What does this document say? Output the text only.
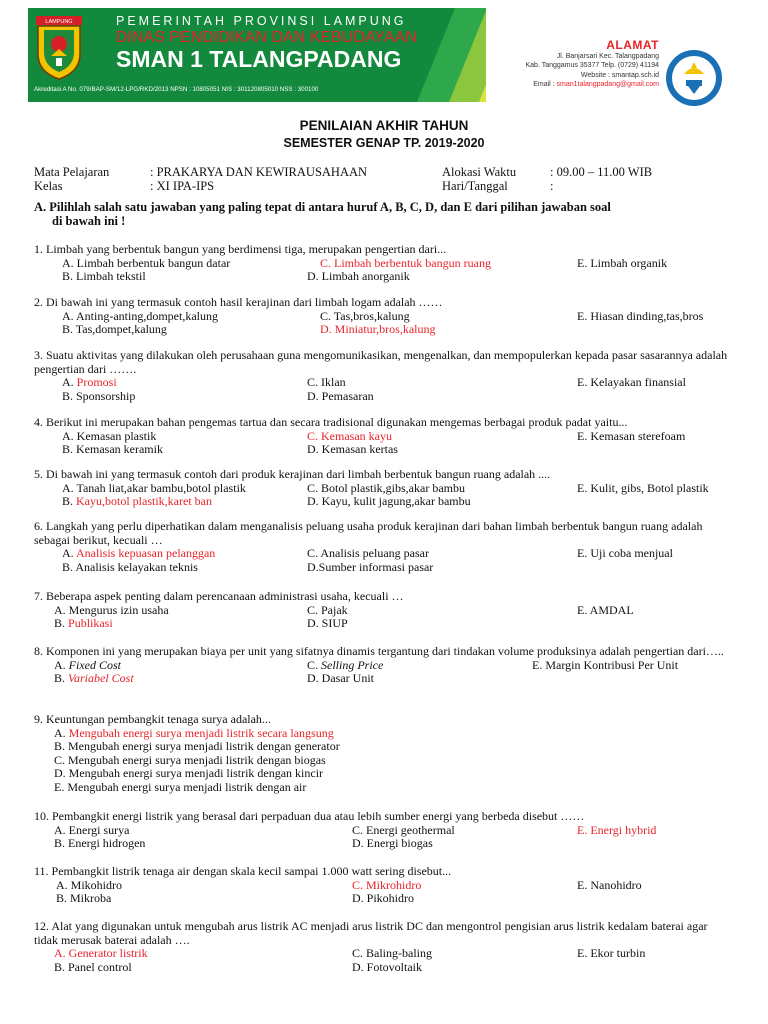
LAMPUNG	PEMERINTAH PROVINSI LAMPUNG
DINAS PENDIDIKAN DAN KEBUDAYAAN
SMAN 1 TALANGPADANG
Akreditasi A No. 079/BAP-SM/12-LPG/RKD/2013 NPSN : 10805051 NIS : 301120805010 NSS : 300100
ALAMAT
Jl. Banjarsari Kec. Talangpadang
Kab. Tanggamus 35377 Telp. (0729) 41194
Website : smantap.sch.id
Email : sman1talangpadang@gmail.com
PENILAIAN AKHIR TAHUN
SEMESTER GENAP TP. 2019-2020
Mata Pelajaran	: PRAKARYA DAN KEWIRAUSAHAAN
Kelas	: XI IPA-IPS
Alokasi Waktu	: 09.00 – 11.00 WIB
Hari/Tanggal	:
A. Pilihlah salah satu jawaban yang paling tepat di antara huruf A, B, C, D, dan E dari pilihan jawaban soal
di bawah ini !
1. Limbah yang berbentuk bangun yang berdimensi tiga, merupakan pengertian dari...
A. Limbah berbentuk bangun datar	C. Limbah berbentuk bangun ruang	E. Limbah organik
B. Limbah tekstil	D. Limbah anorganik
2. Di bawah ini yang termasuk contoh hasil kerajinan dari limbah logam adalah ……
A. Anting-anting,dompet,kalung	C. Tas,bros,kalung	E. Hiasan dinding,tas,bros
B. Tas,dompet,kalung	D. Miniatur,bros,kalung
3. Suatu aktivitas yang dilakukan oleh perusahaan guna mengomunikasikan, mengenalkan, dan mempopulerkan kepada pasar sasarannya adalah pengertian dari …….
A. Promosi	C. Iklan	E. Kelayakan finansial
B. Sponsorship	D. Pemasaran
4. Berikut ini merupakan bahan pengemas tartua dan secara tradisional digunakan mengemas berbagai produk padat yaitu...
A. Kemasan plastik	C. Kemasan kayu	E. Kemasan sterefoam
B. Kemasan keramik	D. Kemasan kertas
5. Di bawah ini yang termasuk contoh dari produk kerajinan dari limbah berbentuk bangun ruang adalah ....
A. Tanah liat,akar bambu,botol plastik	C. Botol plastik,gibs,akar bambu	E. Kulit, gibs, Botol plastik
B. Kayu,botol plastik,karet ban	D. Kayu, kulit jagung,akar bambu
6. Langkah yang perlu diperhatikan dalam menganalisis peluang usaha produk kerajinan dari bahan limbah berbentuk bangun ruang adalah sebagai berikut, kecuali …
A. Analisis kepuasan pelanggan	C. Analisis peluang pasar	E. Uji coba menjual
B. Analisis kelayakan teknis	D.Sumber informasi pasar
7. Beberapa aspek penting dalam perencanaan administrasi usaha, kecuali …
A. Mengurus izin usaha	C. Pajak	E. AMDAL
B. Publikasi	D. SIUP
8. Komponen ini yang merupakan biaya per unit yang sifatnya dinamis tergantung dari tindakan volume produksinya adalah pengertian dari…..
A. Fixed Cost	C. Selling Price	E. Margin Kontribusi Per Unit
B. Variabel Cost	D. Dasar Unit
9. Keuntungan pembangkit tenaga surya adalah...
A. Mengubah energi surya menjadi listrik secara langsung
B. Mengubah energi surya menjadi listrik dengan generator
C. Mengubah energi surya menjadi listrik dengan biogas
D. Mengubah energi surya menjadi listrik dengan kincir
E. Mengubah energi surya menjadi listrik dengan air
10. Pembangkit energi listrik yang berasal dari perpaduan dua atau lebih sumber energi yang berbeda disebut ……
A. Energi surya	C. Energi geothermal	E. Energi hybrid
B. Energi hidrogen	D. Energi biogas
11. Pembangkit listrik tenaga air dengan skala kecil sampai 1.000 watt sering disebut...
A. Mikohidro	C. Mikrohidro	E. Nanohidro
B. Mikroba	D. Pikohidro
12. Alat yang digunakan untuk mengubah arus listrik AC menjadi arus listrik DC dan mengontrol pengisian arus listrik kedalam baterai agar tidak merusak baterai adalah ….
A. Generator listrik	C. Baling-baling	E. Ekor turbin
B. Panel control	D. Fotovoltaik
